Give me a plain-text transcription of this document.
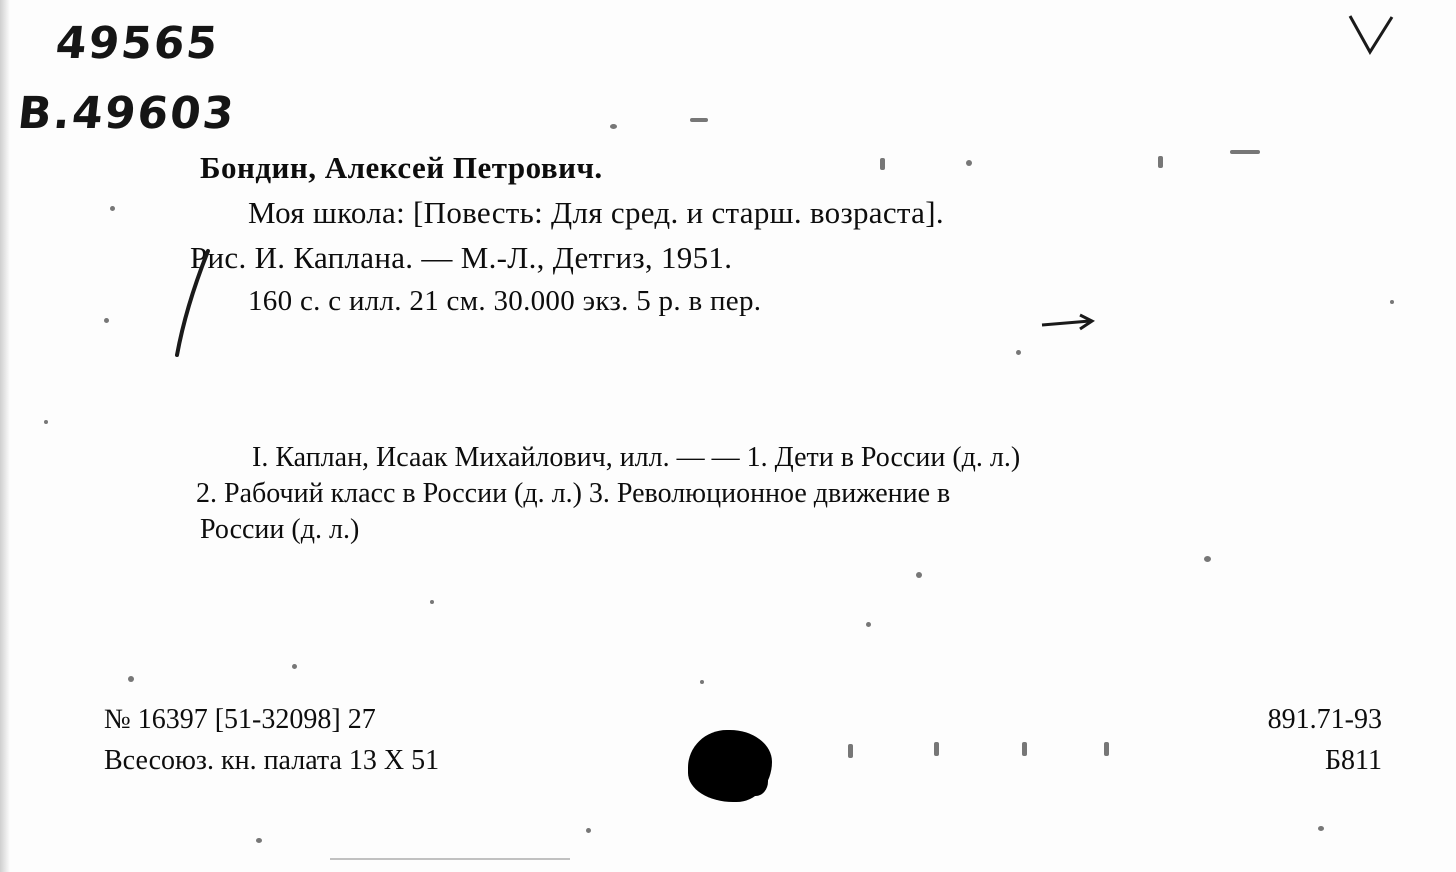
49565
В.49603
Бондин, Алексей Петрович.
Моя школа: [Повесть: Для сред. и старш. возраста].
Рис. И. Каплана. — М.-Л., Детгиз, 1951.
160 с. с илл. 21 см. 30.000 экз. 5 р. в пер.
I. Каплан, Исаак Михайлович, илл. — — 1. Дети в России (д. л.)
2. Рабочий класс в России (д. л.) 3. Революционное движение в
России (д. л.)
№ 16397 [51-32098] 27
Всесоюз. кн. палата 13 X 51
891.71-93
Б811
